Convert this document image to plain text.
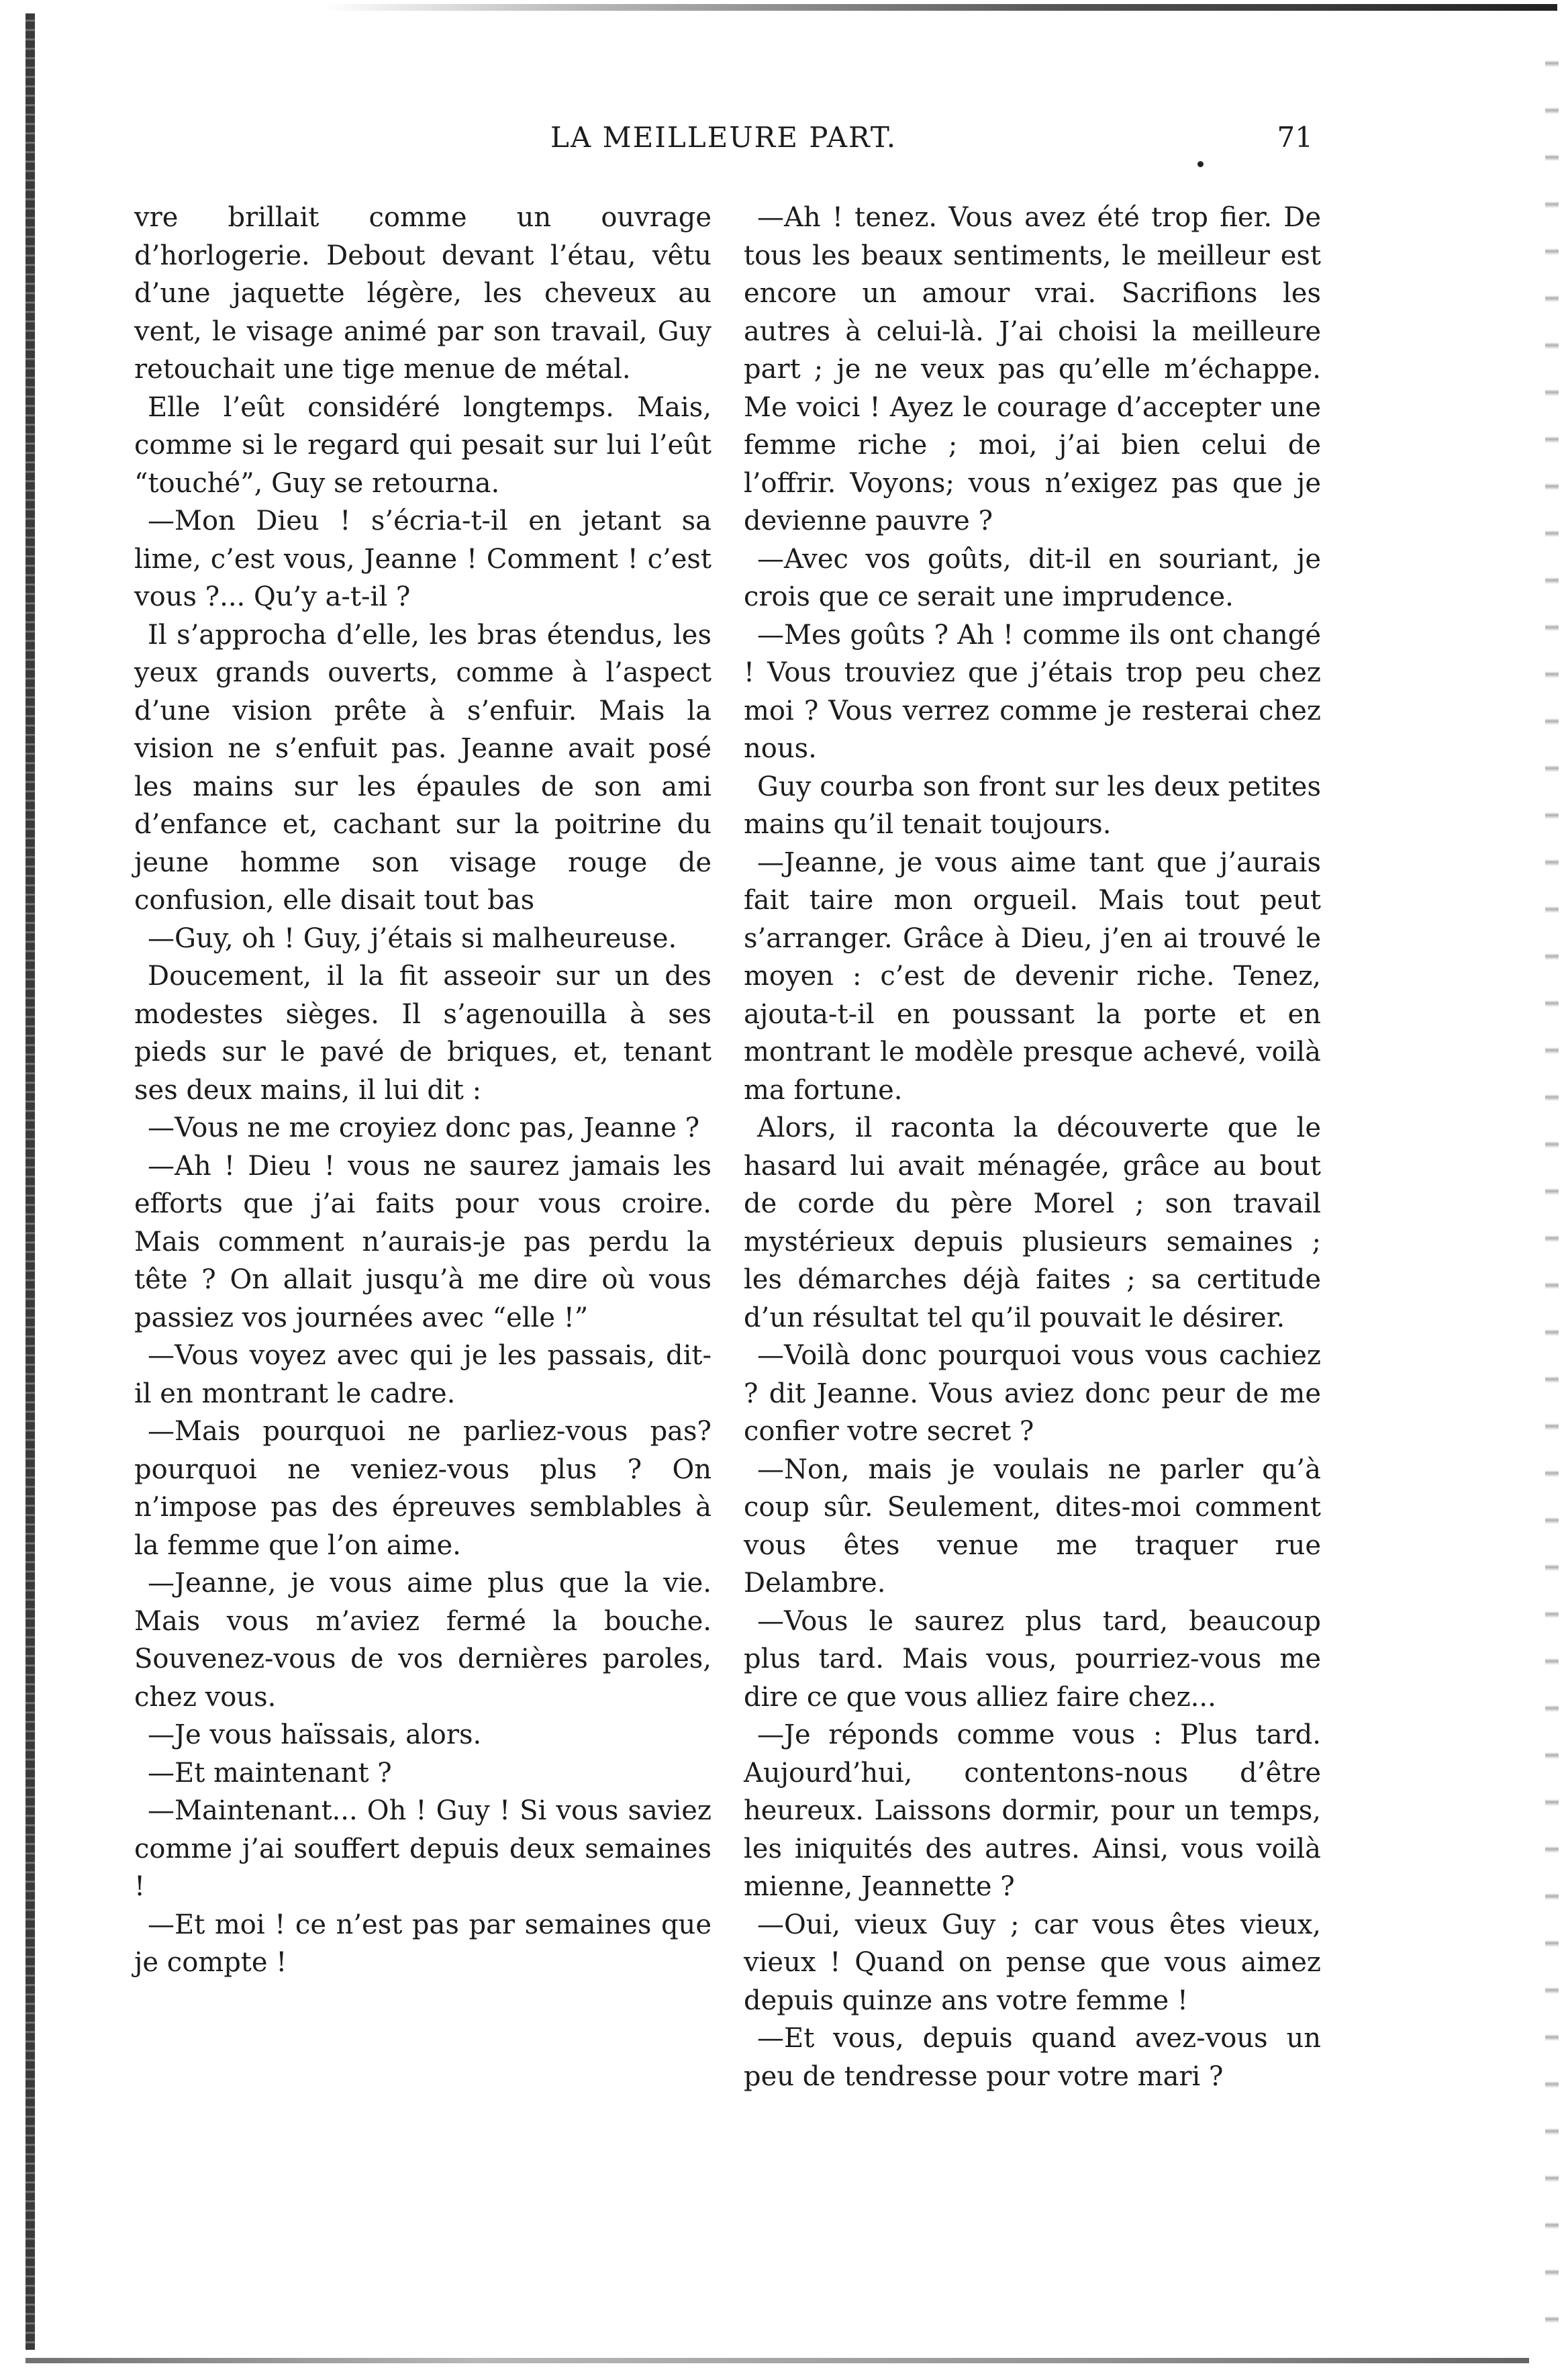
LA MEILLEURE PART.	71

vre brillait comme un ouvrage d’horlogerie. Debout devant l’étau, vêtu d’une jaquette légère, les cheveux au vent, le visage animé par son travail, Guy retouchait une tige menue de métal.

Elle l’eût considéré longtemps. Mais, comme si le regard qui pesait sur lui l’eût “touché”, Guy se retourna.

—Mon Dieu ! s’écria-t-il en jetant sa lime, c’est vous, Jeanne ! Comment ! c’est vous ?... Qu’y a-t-il ?

Il s’approcha d’elle, les bras étendus, les yeux grands ouverts, comme à l’aspect d’une vision prête à s’enfuir. Mais la vision ne s’enfuit pas. Jeanne avait posé les mains sur les épaules de son ami d’enfance et, cachant sur la poitrine du jeune homme son visage rouge de confusion, elle disait tout bas

—Guy, oh ! Guy, j’étais si malheureuse.

Doucement, il la fit asseoir sur un des modestes sièges. Il s’agenouilla à ses pieds sur le pavé de briques, et, tenant ses deux mains, il lui dit :

—Vous ne me croyiez donc pas, Jeanne ?

—Ah ! Dieu ! vous ne saurez jamais les efforts que j’ai faits pour vous croire. Mais comment n’aurais-je pas perdu la tête ? On allait jusqu’à me dire où vous passiez vos journées avec “elle !”

—Vous voyez avec qui je les passais, dit-il en montrant le cadre.

—Mais pourquoi ne parliez-vous pas? pourquoi ne veniez-vous plus ? On n’impose pas des épreuves semblables à la femme que l’on aime.

—Jeanne, je vous aime plus que la vie. Mais vous m’aviez fermé la bouche. Souvenez-vous de vos dernières paroles, chez vous.

—Je vous haïssais, alors.

—Et maintenant ?

—Maintenant... Oh ! Guy ! Si vous saviez comme j’ai souffert depuis deux semaines !

—Et moi ! ce n’est pas par semaines que je compte !

—Ah ! tenez. Vous avez été trop fier. De tous les beaux sentiments, le meilleur est encore un amour vrai. Sacrifions les autres à celui-là. J’ai choisi la meilleure part ; je ne veux pas qu’elle m’échappe. Me voici ! Ayez le courage d’accepter une femme riche ; moi, j’ai bien celui de l’offrir. Voyons; vous n’exigez pas que je devienne pauvre ?

—Avec vos goûts, dit-il en souriant, je crois que ce serait une imprudence.

—Mes goûts ? Ah ! comme ils ont changé ! Vous trouviez que j’étais trop peu chez moi ? Vous verrez comme je resterai chez nous.

Guy courba son front sur les deux petites mains qu’il tenait toujours.

—Jeanne, je vous aime tant que j’aurais fait taire mon orgueil. Mais tout peut s’arranger. Grâce à Dieu, j’en ai trouvé le moyen : c’est de devenir riche. Tenez, ajouta-t-il en poussant la porte et en montrant le modèle presque achevé, voilà ma fortune.

Alors, il raconta la découverte que le hasard lui avait ménagée, grâce au bout de corde du père Morel ; son travail mystérieux depuis plusieurs semaines ; les démarches déjà faites ; sa certitude d’un résultat tel qu’il pouvait le désirer.

—Voilà donc pourquoi vous vous cachiez ? dit Jeanne. Vous aviez donc peur de me confier votre secret ?

—Non, mais je voulais ne parler qu’à coup sûr. Seulement, dites-moi comment vous êtes venue me traquer rue Delambre.

—Vous le saurez plus tard, beaucoup plus tard. Mais vous, pourriez-vous me dire ce que vous alliez faire chez...

—Je réponds comme vous : Plus tard. Aujourd’hui, contentons-nous d’être heureux. Laissons dormir, pour un temps, les iniquités des autres. Ainsi, vous voilà mienne, Jeannette ?

—Oui, vieux Guy ; car vous êtes vieux, vieux ! Quand on pense que vous aimez depuis quinze ans votre femme !

—Et vous, depuis quand avez-vous un peu de tendresse pour votre mari ?
